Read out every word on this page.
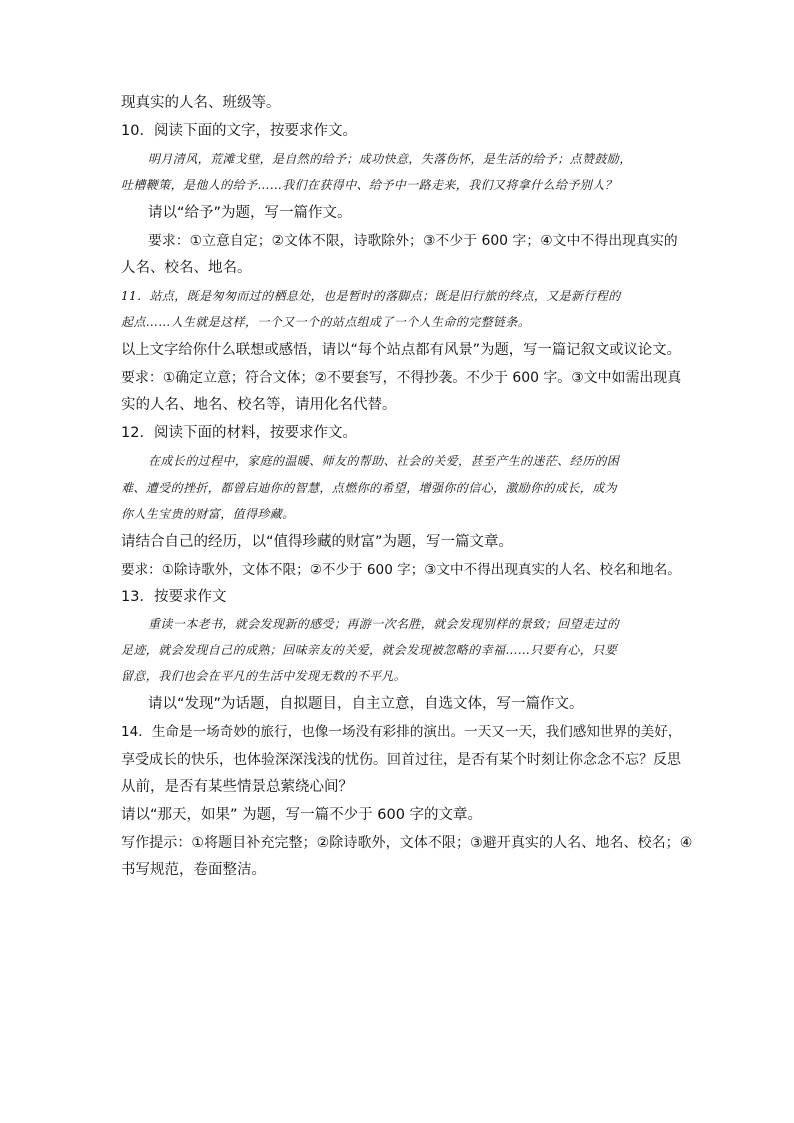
现真实的人名、班级等。
10．阅读下面的文字，按要求作文。
明月清风，荒滩戈壁，是自然的给予；成功快意，失落伤怀，是生活的给予；点赞鼓励，
吐槽鞭策，是他人的给予……我们在获得中、给予中一路走来，我们又将拿什么给予别人？
请以“给予”为题，写一篇作文。
要求：①立意自定；②文体不限，诗歌除外；③不少于 600 字；④文中不得出现真实的
人名、校名、地名。
11．站点，既是匆匆而过的栖息处，也是暂时的落脚点；既是旧行旅的终点，又是新行程的
起点……人生就是这样，一个又一个的站点组成了一个人生命的完整链条。
以上文字给你什么联想或感悟，请以“每个站点都有风景”为题，写一篇记叙文或议论文。
要求：①确定立意；符合文体；②不要套写，不得抄袭。不少于 600 字。③文中如需出现真
实的人名、地名、校名等，请用化名代替。
12．阅读下面的材料，按要求作文。
在成长的过程中，家庭的温暖、师友的帮助、社会的关爱，甚至产生的迷茫、经历的困
难、遭受的挫折，都曾启迪你的智慧，点燃你的希望，增强你的信心，激励你的成长，成为
你人生宝贵的财富，值得珍藏。
请结合自己的经历，以“值得珍藏的财富”为题，写一篇文章。
要求：①除诗歌外，文体不限；②不少于 600 字；③文中不得出现真实的人名、校名和地名。
13．按要求作文
重读一本老书，就会发现新的感受；再游一次名胜，就会发现别样的景致；回望走过的
足迹，就会发现自己的成熟；回味亲友的关爱，就会发现被忽略的幸福……只要有心，只要
留意，我们也会在平凡的生活中发现无数的不平凡。
请以“发现”为话题，自拟题目，自主立意，自选文体，写一篇作文。
14．生命是一场奇妙的旅行，也像一场没有彩排的演出。一天又一天，我们感知世界的美好，
享受成长的快乐，也体验深深浅浅的忧伤。回首过往，是否有某个时刻让你念念不忘？反思
从前，是否有某些情景总萦绕心间？
请以“那天，如果” 为题，写一篇不少于 600 字的文章。
写作提示：①将题目补充完整；②除诗歌外，文体不限；③避开真实的人名、地名、校名；④
书写规范，卷面整洁。
